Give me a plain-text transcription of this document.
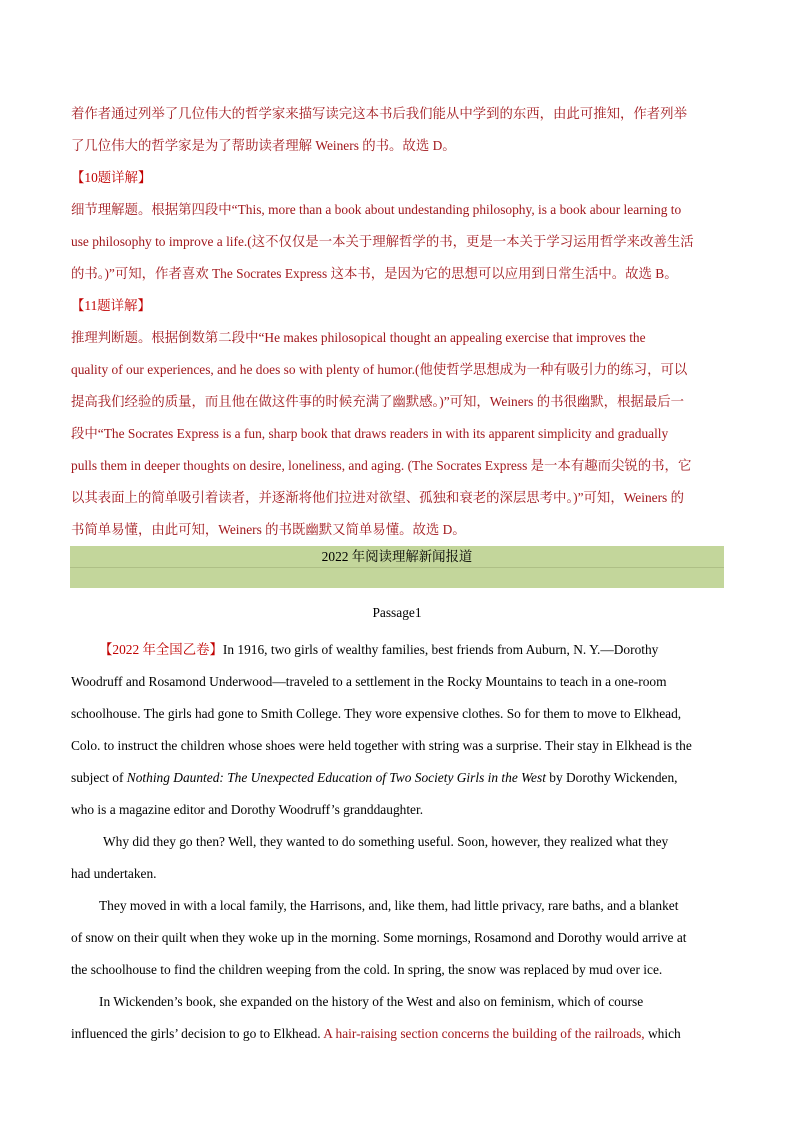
着作者通过列举了几位伟大的哲学家来描写读完这本书后我们能从中学到的东西，由此可推知，作者列举

了几位伟大的哲学家是为了帮助读者理解 Weiners 的书。故选 D。

【10题详解】

细节理解题。根据第四段中“This, more than a book about undestanding philosophy, is a book abour learning to

use philosophy to improve a life.(这不仅仅是一本关于理解哲学的书，更是一本关于学习运用哲学来改善生活

的书。)”可知，作者喜欢 The Socrates Express 这本书，是因为它的思想可以应用到日常生活中。故选 B。

【11题详解】

推理判断题。根据倒数第二段中“He makes philosopical thought an appealing exercise that improves the

quality of our experiences, and he does so with plenty of humor.(他使哲学思想成为一种有吸引力的练习，可以

提高我们经验的质量，而且他在做这件事的时候充满了幽默感。)”可知，Weiners 的书很幽默，根据最后一

段中“The Socrates Express is a fun, sharp book that draws readers in with its apparent simplicity and gradually

pulls them in deeper thoughts on desire, loneliness, and aging. (The Socrates Express 是一本有趣而尖锐的书，它

以其表面上的简单吸引着读者，并逐渐将他们拉进对欲望、孤独和衰老的深层思考中。)”可知，Weiners 的

书简单易懂，由此可知，Weiners 的书既幽默又简单易懂。故选 D。

2022 年阅读理解新闻报道
Passage1

【2022 年全国乙卷】In 1916, two girls of wealthy families, best friends from Auburn, N. Y.—Dorothy

Woodruff and Rosamond Underwood—traveled to a settlement in the Rocky Mountains to teach in a one-room

schoolhouse. The girls had gone to Smith College. They wore expensive clothes. So for them to move to Elkhead,

Colo. to instruct the children whose shoes were held together with string was a surprise. Their stay in Elkhead is the

subject of Nothing Daunted: The Unexpected Education of Two Society Girls in the West by Dorothy Wickenden,

who is a magazine editor and Dorothy Woodruff’s granddaughter.

Why did they go then? Well, they wanted to do something useful. Soon, however, they realized what they

had undertaken.

They moved in with a local family, the Harrisons, and, like them, had little privacy, rare baths, and a blanket

of snow on their quilt when they woke up in the morning. Some mornings, Rosamond and Dorothy would arrive at

the schoolhouse to find the children weeping from the cold. In spring, the snow was replaced by mud over ice.

In Wickenden’s book, she expanded on the history of the West and also on feminism, which of course

influenced the girls’ decision to go to Elkhead. A hair-raising section concerns the building of the railroads, which
